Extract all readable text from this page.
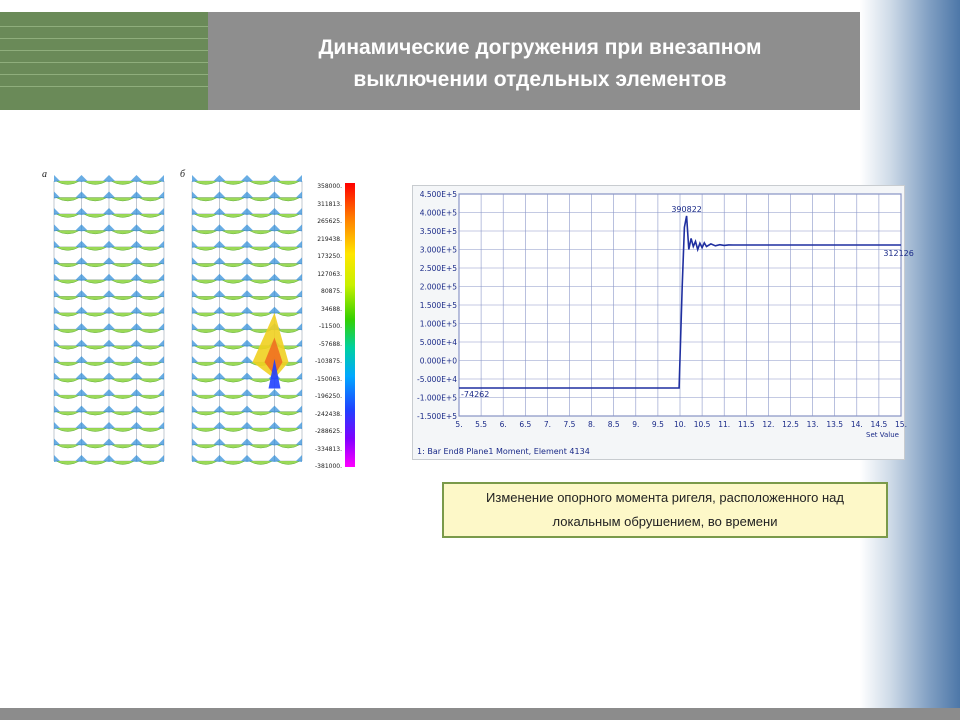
Динамические догружения при внезапном
выключении отдельных элементов
а	б
358000.
311813.
265625.
219438.
173250.
127063.
80875.
34688.
-11500.
-57688.
-103875.
-150063.
-196250.
-242438.
-288625.
-334813.
-381000.
5. 5.5 6. 6.5 7. 7.5 8. 8.5 9. 9.5 10. 10.5 11. 11.5 12. 12.5 13. 13.5 14. 14.5 15.
4.500E+5
4.000E+5
3.500E+5
3.000E+5
2.500E+5
2.000E+5
1.500E+5
1.000E+5
5.000E+4
0.000E+0
-5.000E+4
-1.000E+5
-1.500E+5
Set Value
390822
312126
-74262
1: Bar End8 Plane1 Moment, Element 4134
Изменение опорного момента ригеля, расположенного над локальным обрушением, во времени
